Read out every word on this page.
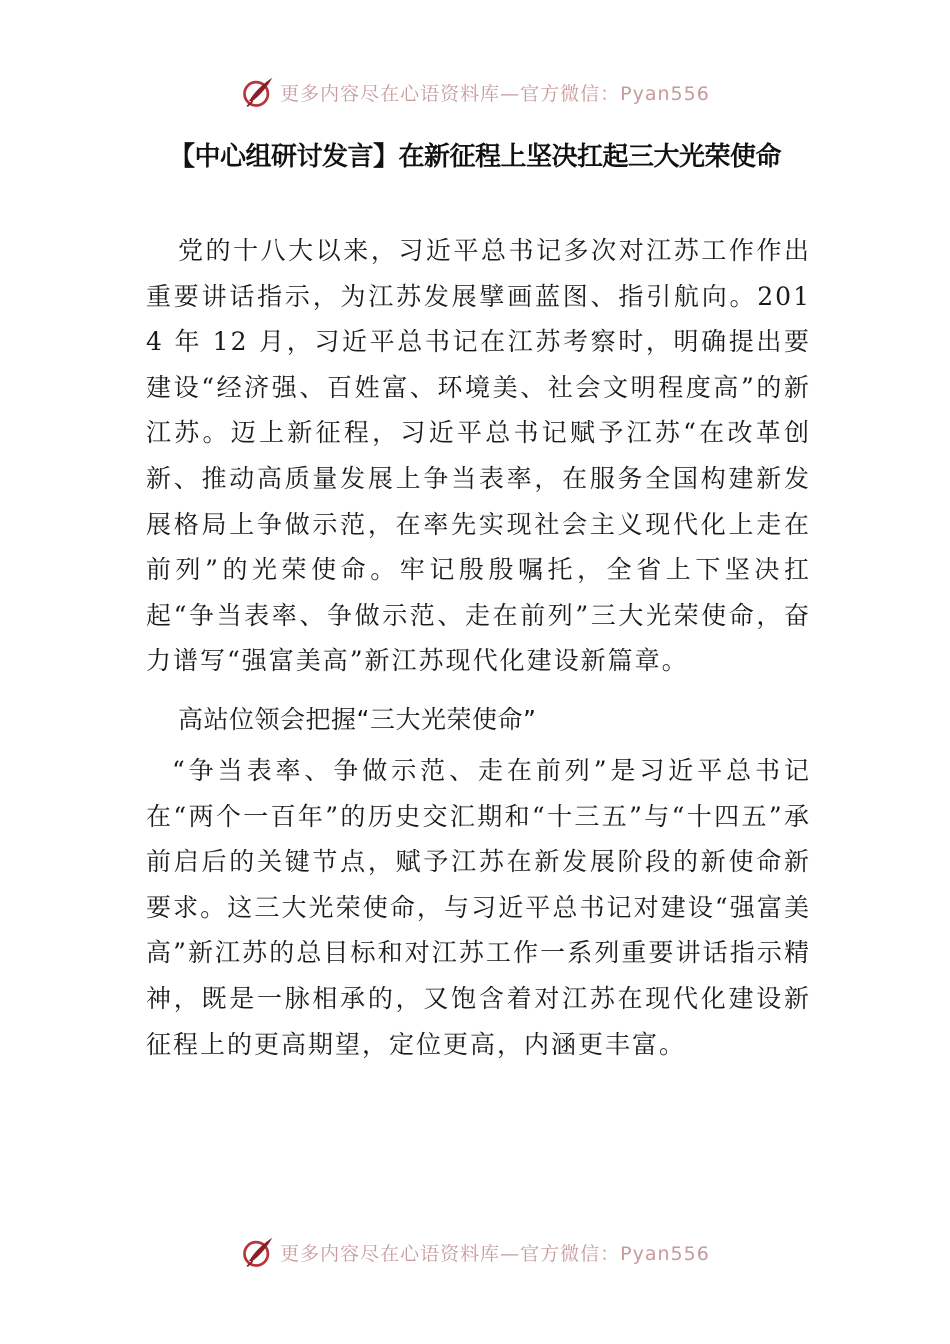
更多内容尽在心语资料库—官方微信：Pyan556
【中心组研讨发言】在新征程上坚决扛起三大光荣使命

党的十八大以来，习近平总书记多次对江苏工作作出重要讲话指示，为江苏发展擘画蓝图、指引航向。2014 年 12 月，习近平总书记在江苏考察时，明确提出要建设“经济强、百姓富、环境美、社会文明程度高”的新江苏。迈上新征程，习近平总书记赋予江苏“在改革创新、推动高质量发展上争当表率，在服务全国构建新发展格局上争做示范，在率先实现社会主义现代化上走在前列”的光荣使命。牢记殷殷嘱托，全省上下坚决扛起“争当表率、争做示范、走在前列”三大光荣使命，奋力谱写“强富美高”新江苏现代化建设新篇章。

高站位领会把握“三大光荣使命”

“争当表率、争做示范、走在前列”是习近平总书记在“两个一百年”的历史交汇期和“十三五”与“十四五”承前启后的关键节点，赋予江苏在新发展阶段的新使命新要求。这三大光荣使命，与习近平总书记对建设“强富美高”新江苏的总目标和对江苏工作一系列重要讲话指示精神，既是一脉相承的，又饱含着对江苏在现代化建设新征程上的更高期望，定位更高，内涵更丰富。

更多内容尽在心语资料库—官方微信：Pyan556
